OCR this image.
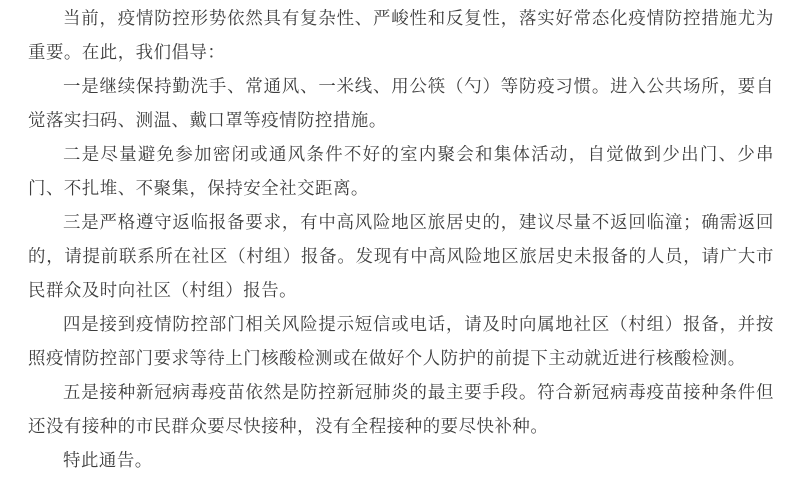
当前，疫情防控形势依然具有复杂性、严峻性和反复性，落实好常态化疫情防控措施尤为重要。在此，我们倡导：

一是继续保持勤洗手、常通风、一米线、用公筷（勺）等防疫习惯。进入公共场所，要自觉落实扫码、测温、戴口罩等疫情防控措施。

二是尽量避免参加密闭或通风条件不好的室内聚会和集体活动，自觉做到少出门、少串门、不扎堆、不聚集，保持安全社交距离。

三是严格遵守返临报备要求，有中高风险地区旅居史的，建议尽量不返回临潼；确需返回的，请提前联系所在社区（村组）报备。发现有中高风险地区旅居史未报备的人员，请广大市民群众及时向社区（村组）报告。

四是接到疫情防控部门相关风险提示短信或电话，请及时向属地社区（村组）报备，并按照疫情防控部门要求等待上门核酸检测或在做好个人防护的前提下主动就近进行核酸检测。

五是接种新冠病毒疫苗依然是防控新冠肺炎的最主要手段。符合新冠病毒疫苗接种条件但还没有接种的市民群众要尽快接种，没有全程接种的要尽快补种。

特此通告。
